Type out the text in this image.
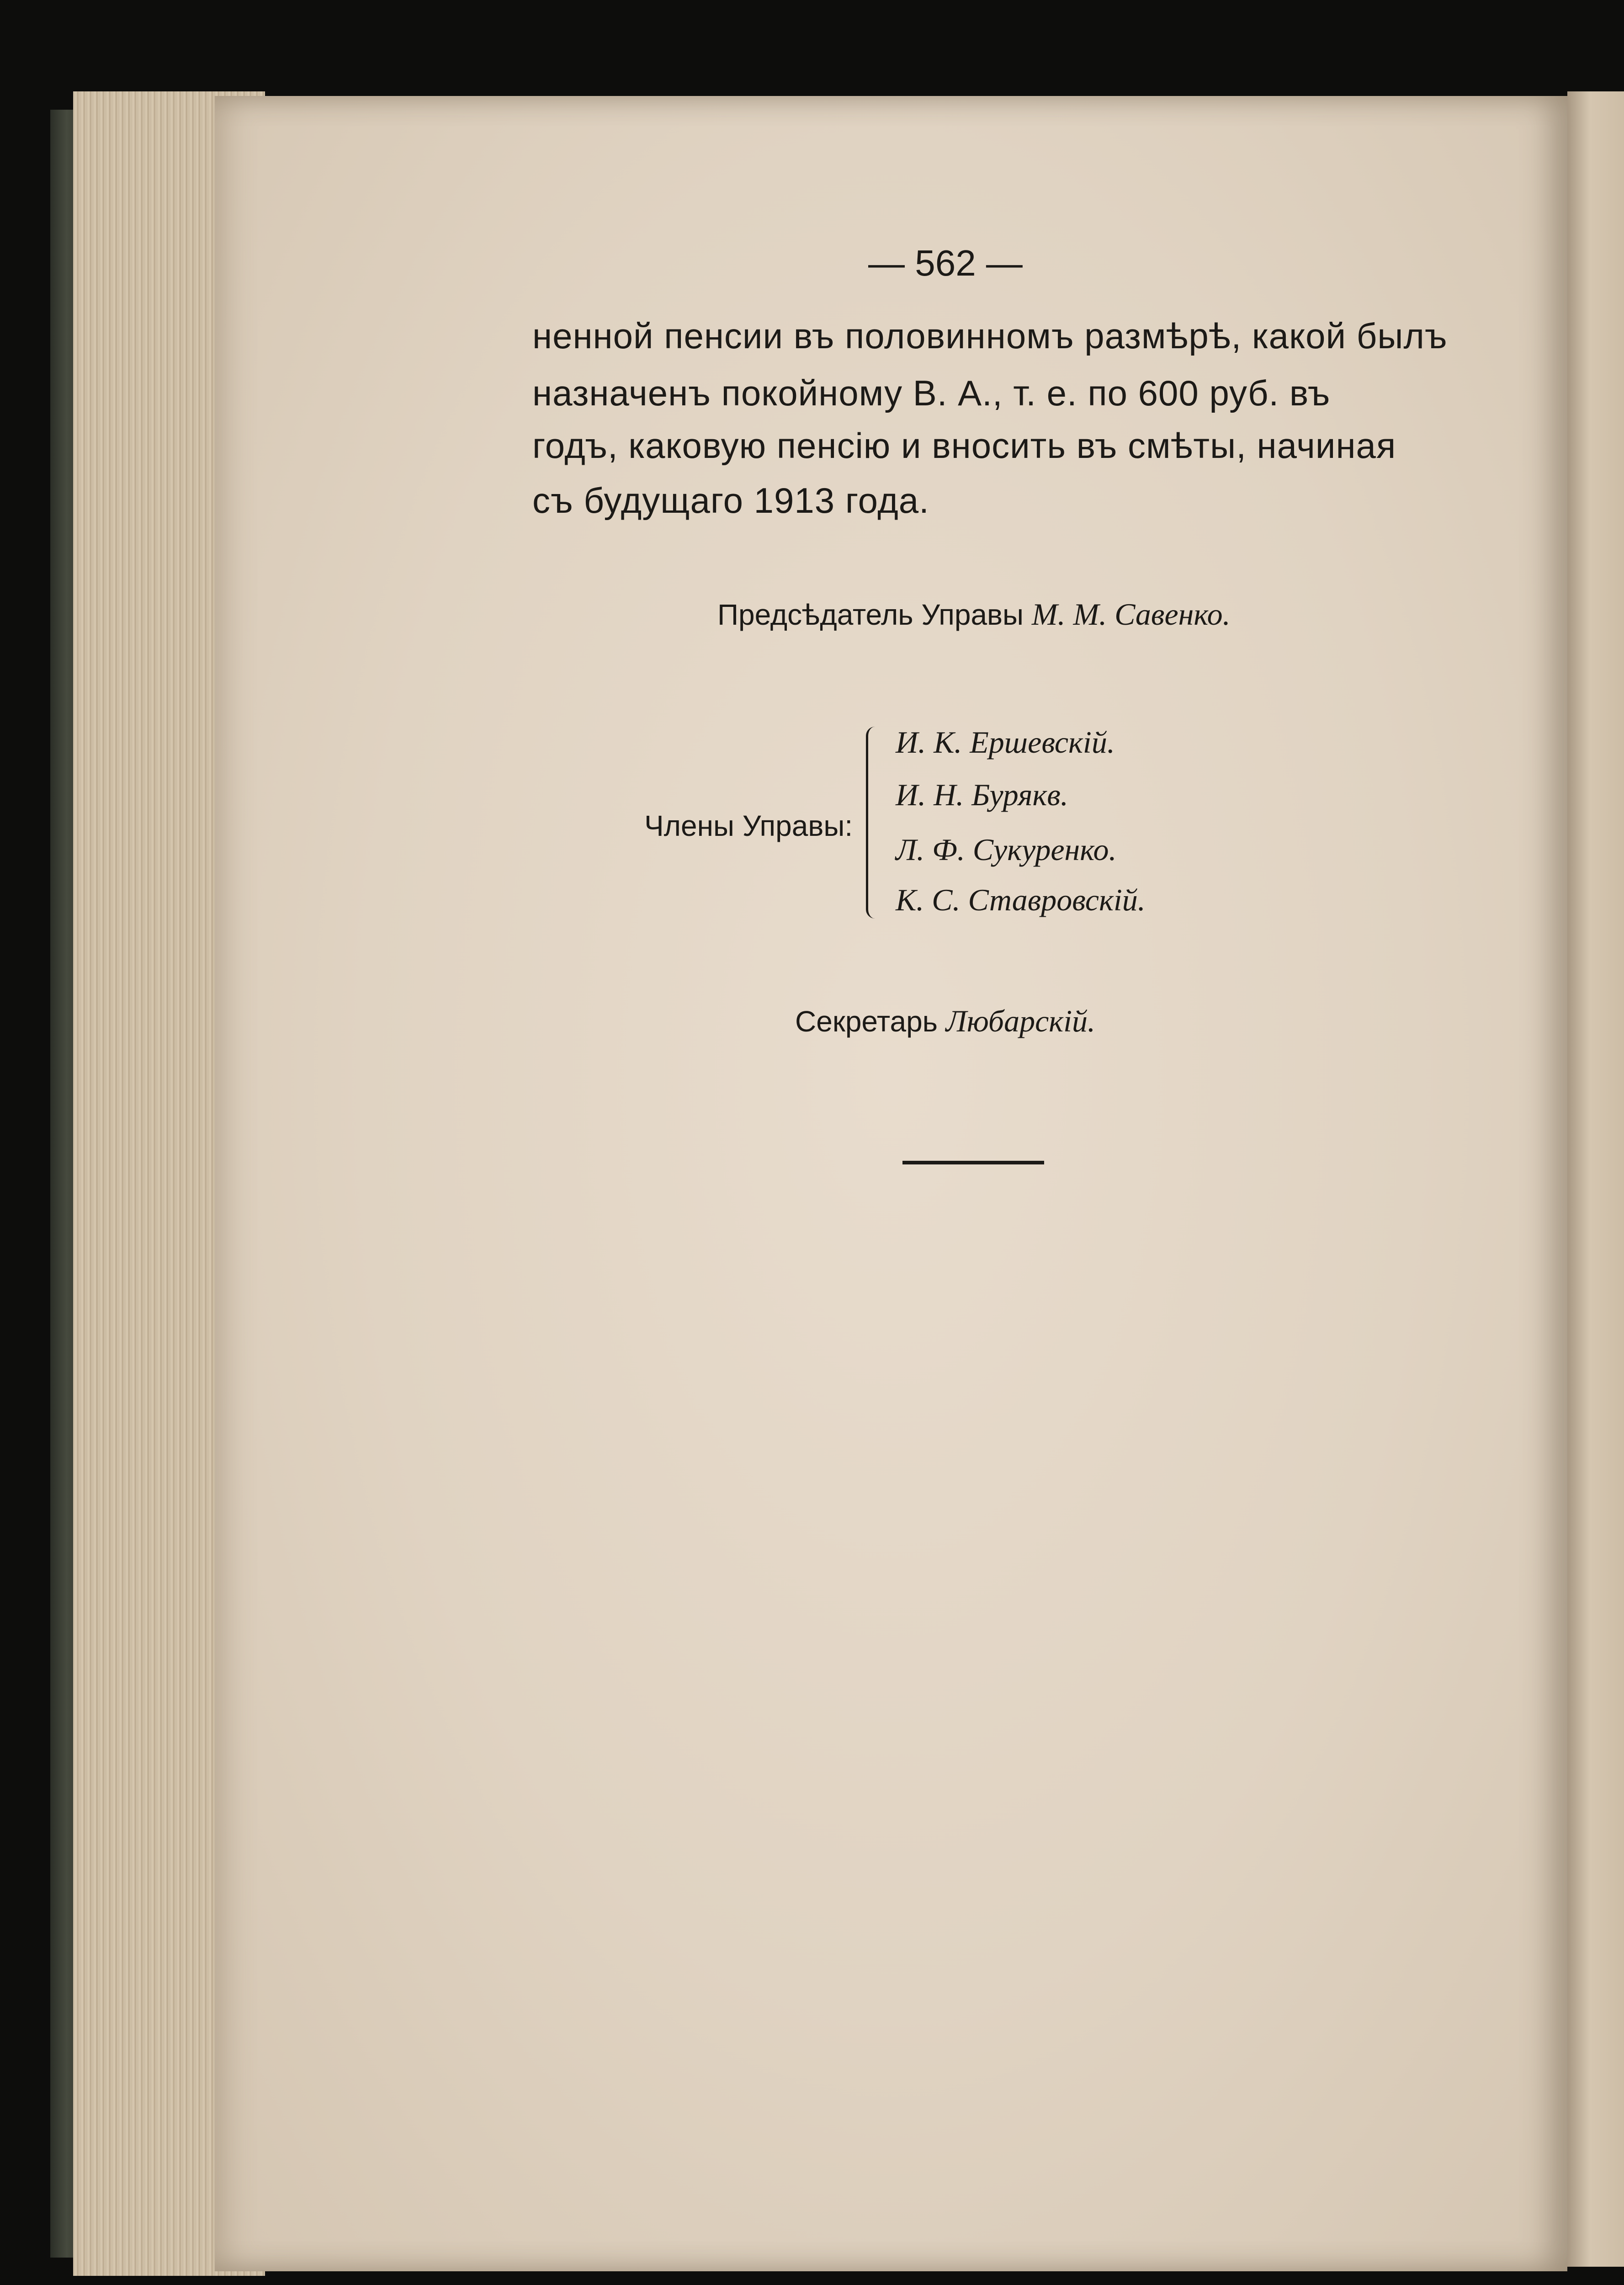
— 562 —
ненной пенсии въ половинномъ размѣрѣ, какой былъ
назначенъ покойному В. А., т. е. по 600 руб. въ
годъ, каковую пенсію и вносить въ смѣты, начиная
съ будущаго 1913 года.
Предсѣдатель Управы М. М. Савенко.
Члены Управы:
И. К. Ершевскій.
И. Н. Бурякв.
Л. Ф. Сукуренко.
К. С. Ставровскій.
Секретарь Любарскій.
